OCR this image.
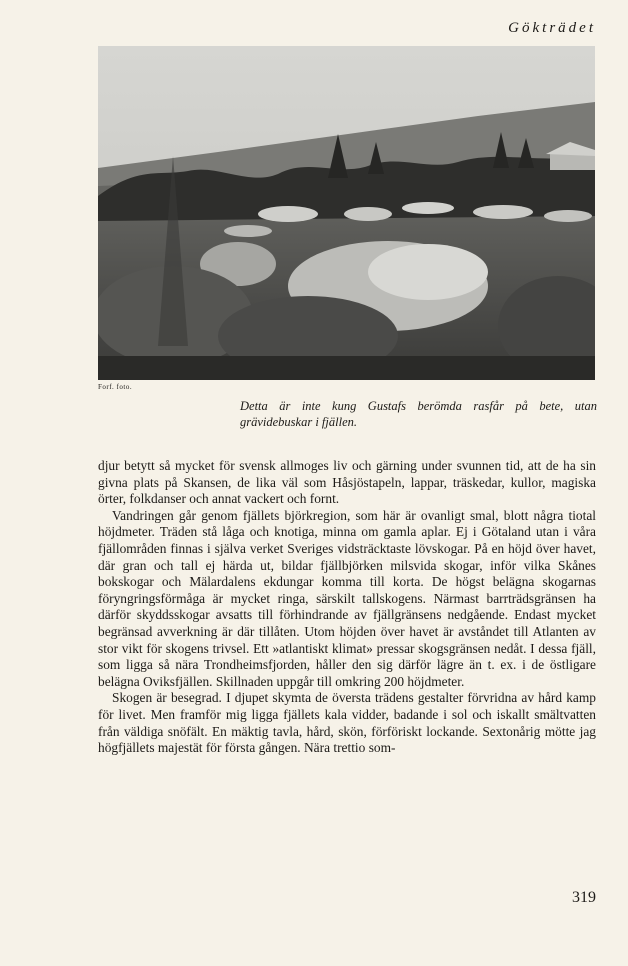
Gökträdet
Forf. foto.
Detta är inte kung Gustafs berömda rasfår på bete, utan grävidebuskar i fjällen.

djur betytt så mycket för svensk allmoges liv och gärning under svunnen tid, att de ha sin givna plats på Skansen, de lika väl som Håsjöstapeln, lappar, träskedar, kullor, magiska örter, folkdanser och annat vackert och fornt.

Vandringen går genom fjällets björkregion, som här är ovanligt smal, blott några tiotal höjdmeter. Träden stå låga och knotiga, minna om gamla aplar. Ej i Götaland utan i våra fjällområden finnas i själva verket Sveriges vidsträcktaste lövskogar. På en höjd över havet, där gran och tall ej härda ut, bildar fjällbjörken milsvida skogar, inför vilka Skånes bokskogar och Mälardalens ekdungar komma till korta. De högst belägna skogarnas föryngringsförmåga är mycket ringa, särskilt tallskogens. Närmast barrträdsgränsen ha därför skyddsskogar avsatts till förhindrande av fjällgränsens nedgående. Endast mycket begränsad avverkning är där tillåten. Utom höjden över havet är avståndet till Atlanten av stor vikt för skogens trivsel. Ett »atlantiskt klimat» pressar skogsgränsen nedåt. I dessa fjäll, som ligga så nära Trondheimsfjorden, håller den sig därför lägre än t. ex. i de östligare belägna Oviksfjällen. Skillnaden uppgår till omkring 200 höjdmeter.

Skogen är besegrad. I djupet skymta de översta trädens gestalter förvridna av hård kamp för livet. Men framför mig ligga fjällets kala vidder, badande i sol och iskallt smältvatten från väldiga snöfält. En mäktig tavla, hård, skön, förföriskt lockande. Sextonårig mötte jag högfjällets majestät för första gången. Nära trettio som-

319
